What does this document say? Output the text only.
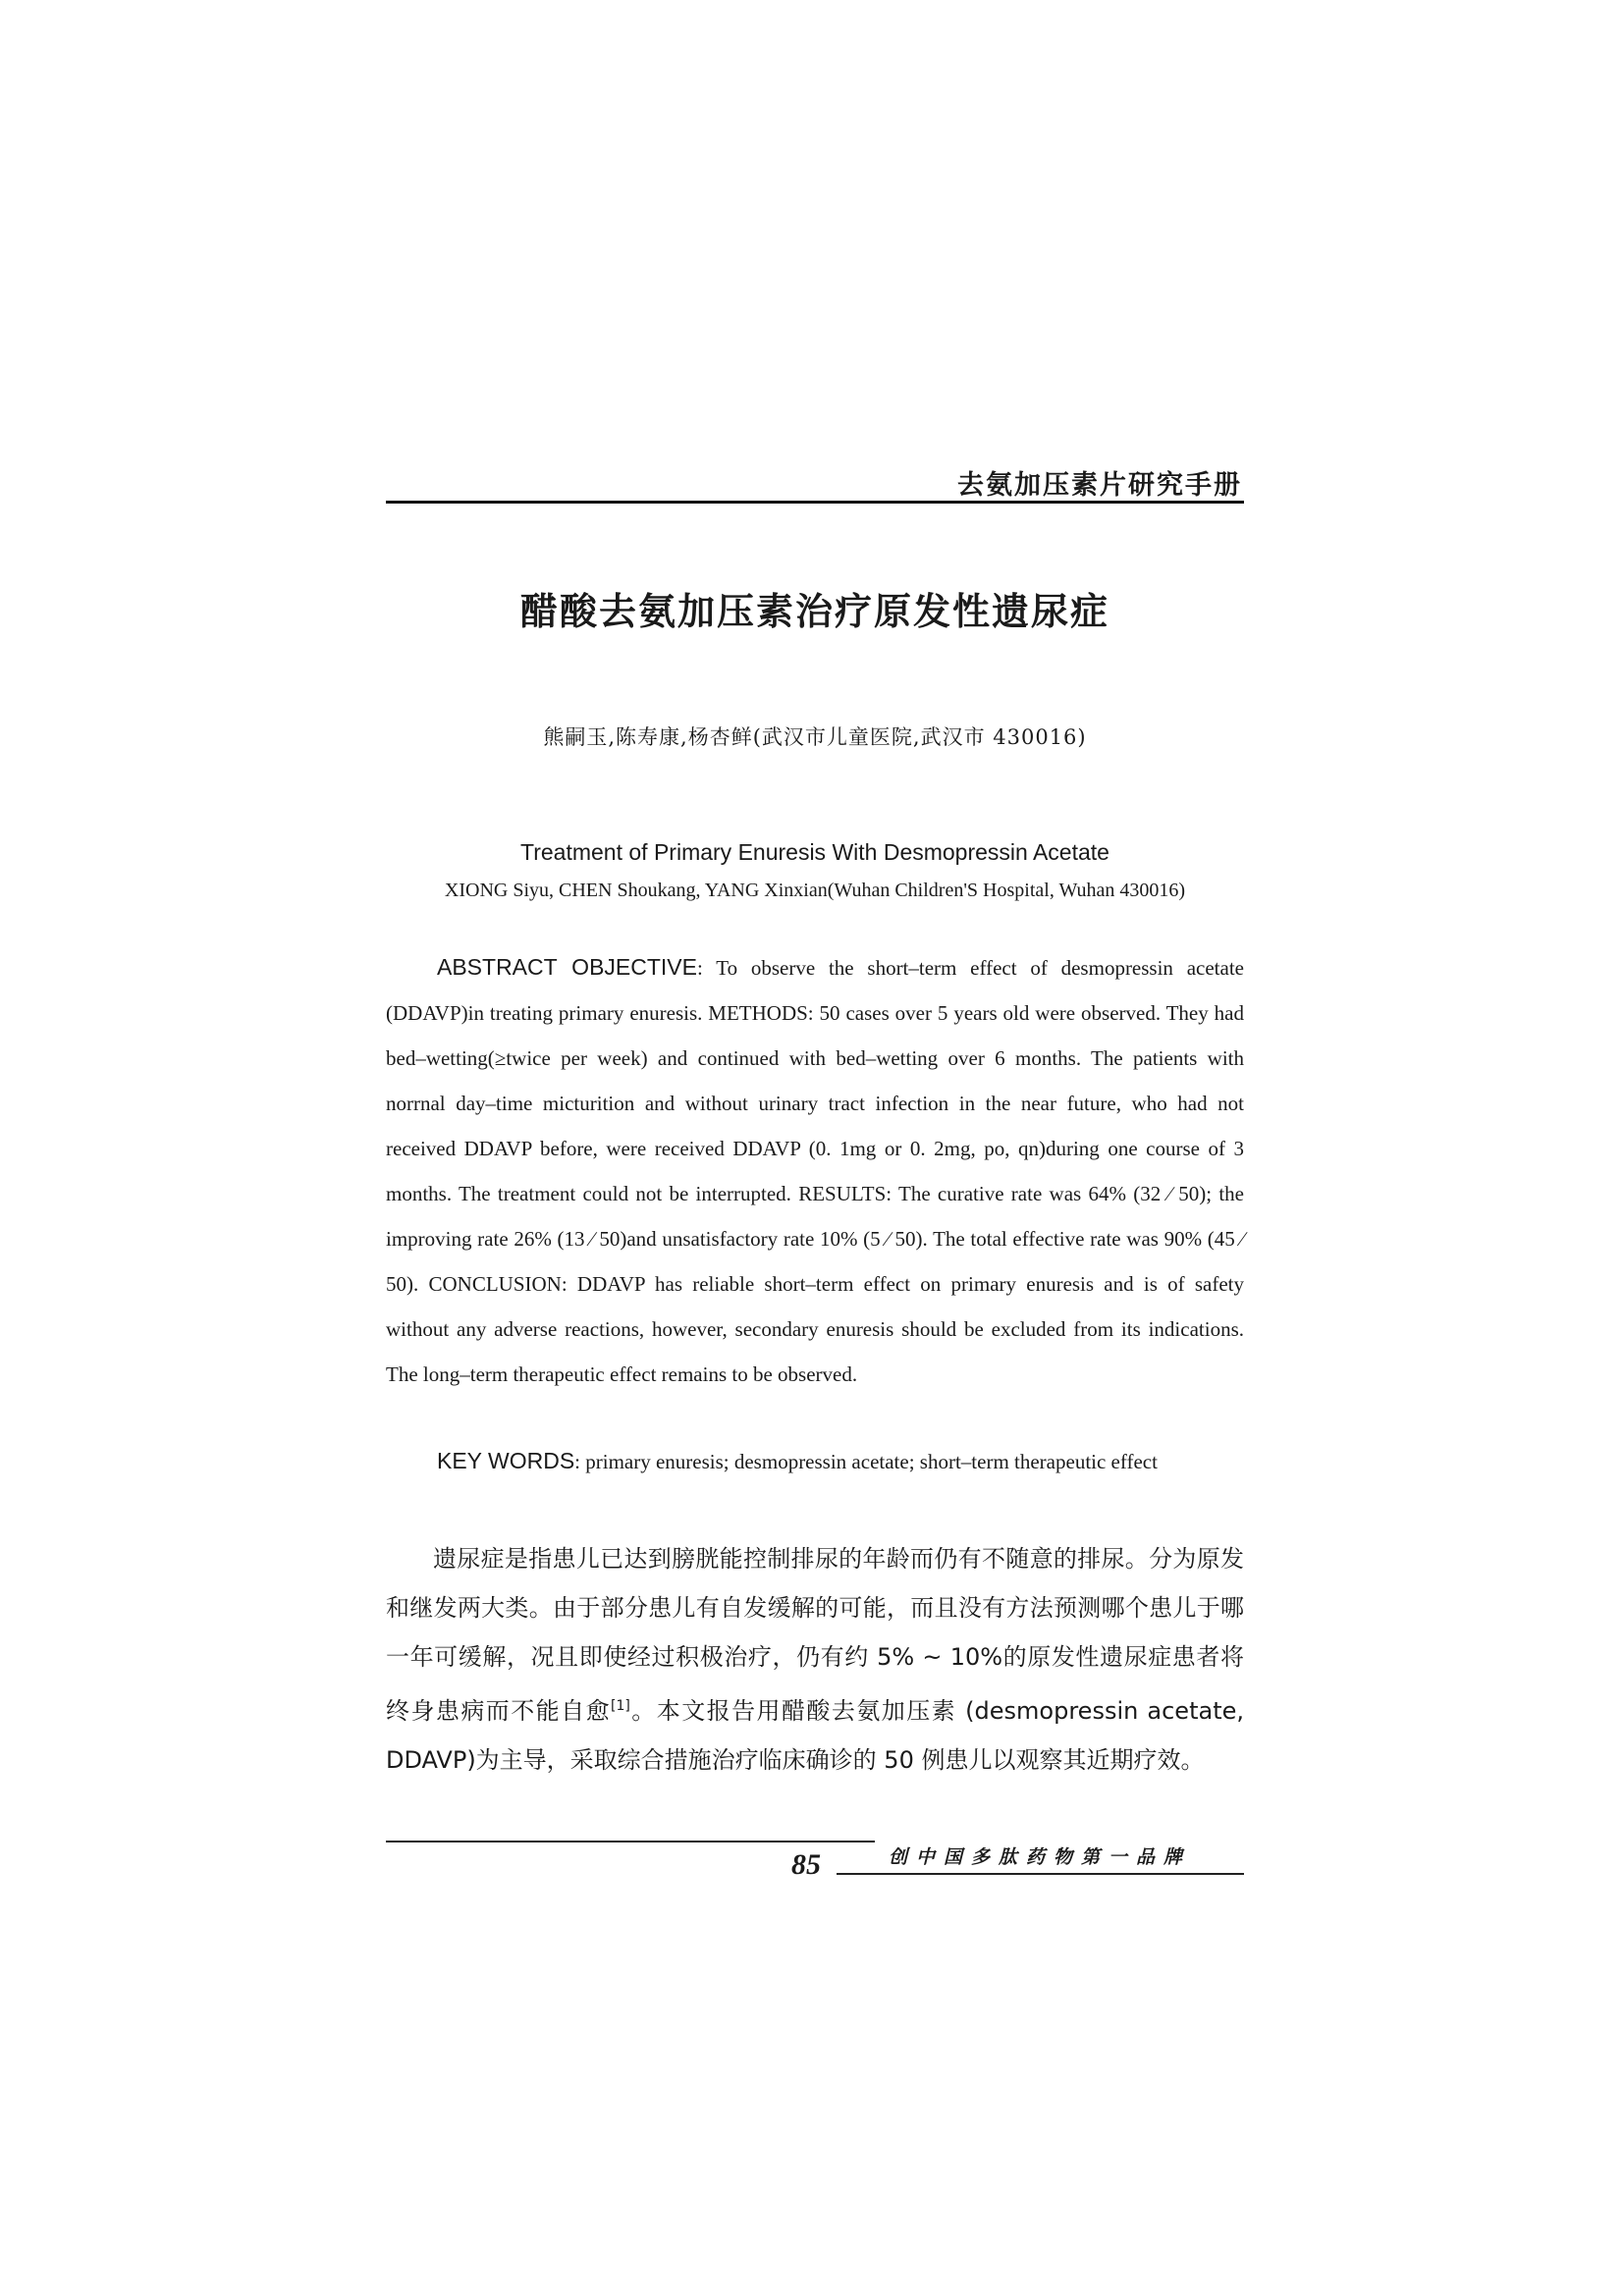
去氨加压素片研究手册
醋酸去氨加压素治疗原发性遗尿症
熊嗣玉,陈寿康,杨杏鲜(武汉市儿童医院,武汉市 430016)
Treatment of Primary Enuresis With Desmopressin Acetate
XIONG Siyu, CHEN Shoukang, YANG Xinxian(Wuhan Children'S Hospital, Wuhan 430016)

ABSTRACT OBJECTIVE: To observe the short–term effect of desmopressin acetate (DDAVP)in treating primary enuresis. METHODS: 50 cases over 5 years old were observed. They had bed–wetting(≥twice per week) and continued with bed–wetting over 6 months. The patients with norrnal day–time micturition and without urinary tract infection in the near future, who had not received DDAVP before, were received DDAVP (0. 1mg or 0. 2mg, po, qn)during one course of 3 months. The treatment could not be interrupted. RESULTS: The curative rate was 64% (32 ∕ 50); the improving rate 26% (13 ∕ 50)and unsatisfactory rate 10% (5 ∕ 50). The total effective rate was 90% (45 ∕ 50). CONCLUSION: DDAVP has reliable short–term effect on primary enuresis and is of safety without any adverse reactions, however, secondary enuresis should be excluded from its indications. The long–term therapeutic effect remains to be observed.

KEY WORDS: primary enuresis; desmopressin acetate; short–term therapeutic effect

遗尿症是指患儿已达到膀胱能控制排尿的年龄而仍有不随意的排尿。分为原发和继发两大类。由于部分患儿有自发缓解的可能，而且没有方法预测哪个患儿于哪一年可缓解，况且即使经过积极治疗，仍有约 5% ~ 10%的原发性遗尿症患者将终身患病而不能自愈[1]。本文报告用醋酸去氨加压素 (desmopressin acetate, DDAVP)为主导，采取综合措施治疗临床确诊的 50 例患儿以观察其近期疗效。

85	创中国多肽药物第一品牌
